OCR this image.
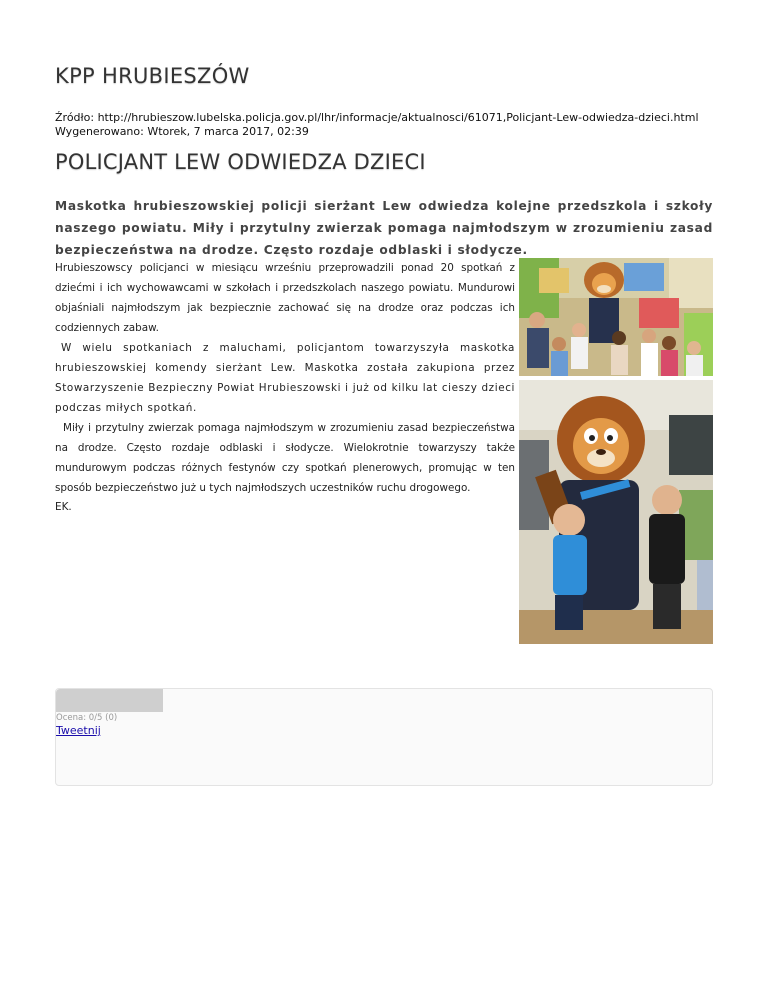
KPP HRUBIESZÓW
Źródło: http://hrubieszow.lubelska.policja.gov.pl/lhr/informacje/aktualnosci/61071,Policjant-Lew-odwiedza-dzieci.html
Wygenerowano: Wtorek, 7 marca 2017, 02:39
POLICJANT LEW ODWIEDZA DZIECI

Maskotka hrubieszowskiej policji sierżant Lew odwiedza kolejne przedszkola i szkoły naszego powiatu. Miły i przytulny zwierzak pomaga najmłodszym w zrozumieniu zasad bezpieczeństwa na drodze. Często rozdaje odblaski i słodycze.

Hrubieszowscy policjanci w miesiącu wrześniu przeprowadzili ponad 20 spotkań z dziećmi i ich wychowawcami w szkołach i przedszkolach naszego powiatu. Mundurowi objaśniali najmłodszym jak bezpiecznie zachować się na drodze oraz podczas ich codziennych zabaw.

W wielu spotkaniach z maluchami, policjantom towarzyszyła maskotka hrubieszowskiej komendy sierżant Lew. Maskotka została zakupiona przez Stowarzyszenie Bezpieczny Powiat Hrubieszowski i już od kilku lat cieszy dzieci podczas miłych spotkań.

Miły i przytulny zwierzak pomaga najmłodszym w zrozumieniu zasad bezpieczeństwa na drodze. Często rozdaje odblaski i słodycze. Wielokrotnie towarzyszy także mundurowym podczas różnych festynów czy spotkań plenerowych, promując w ten sposób bezpieczeństwo już u tych najmłodszych uczestników ruchu drogowego.

EK.

Ocena: 0/5 (0)
Tweetnij
